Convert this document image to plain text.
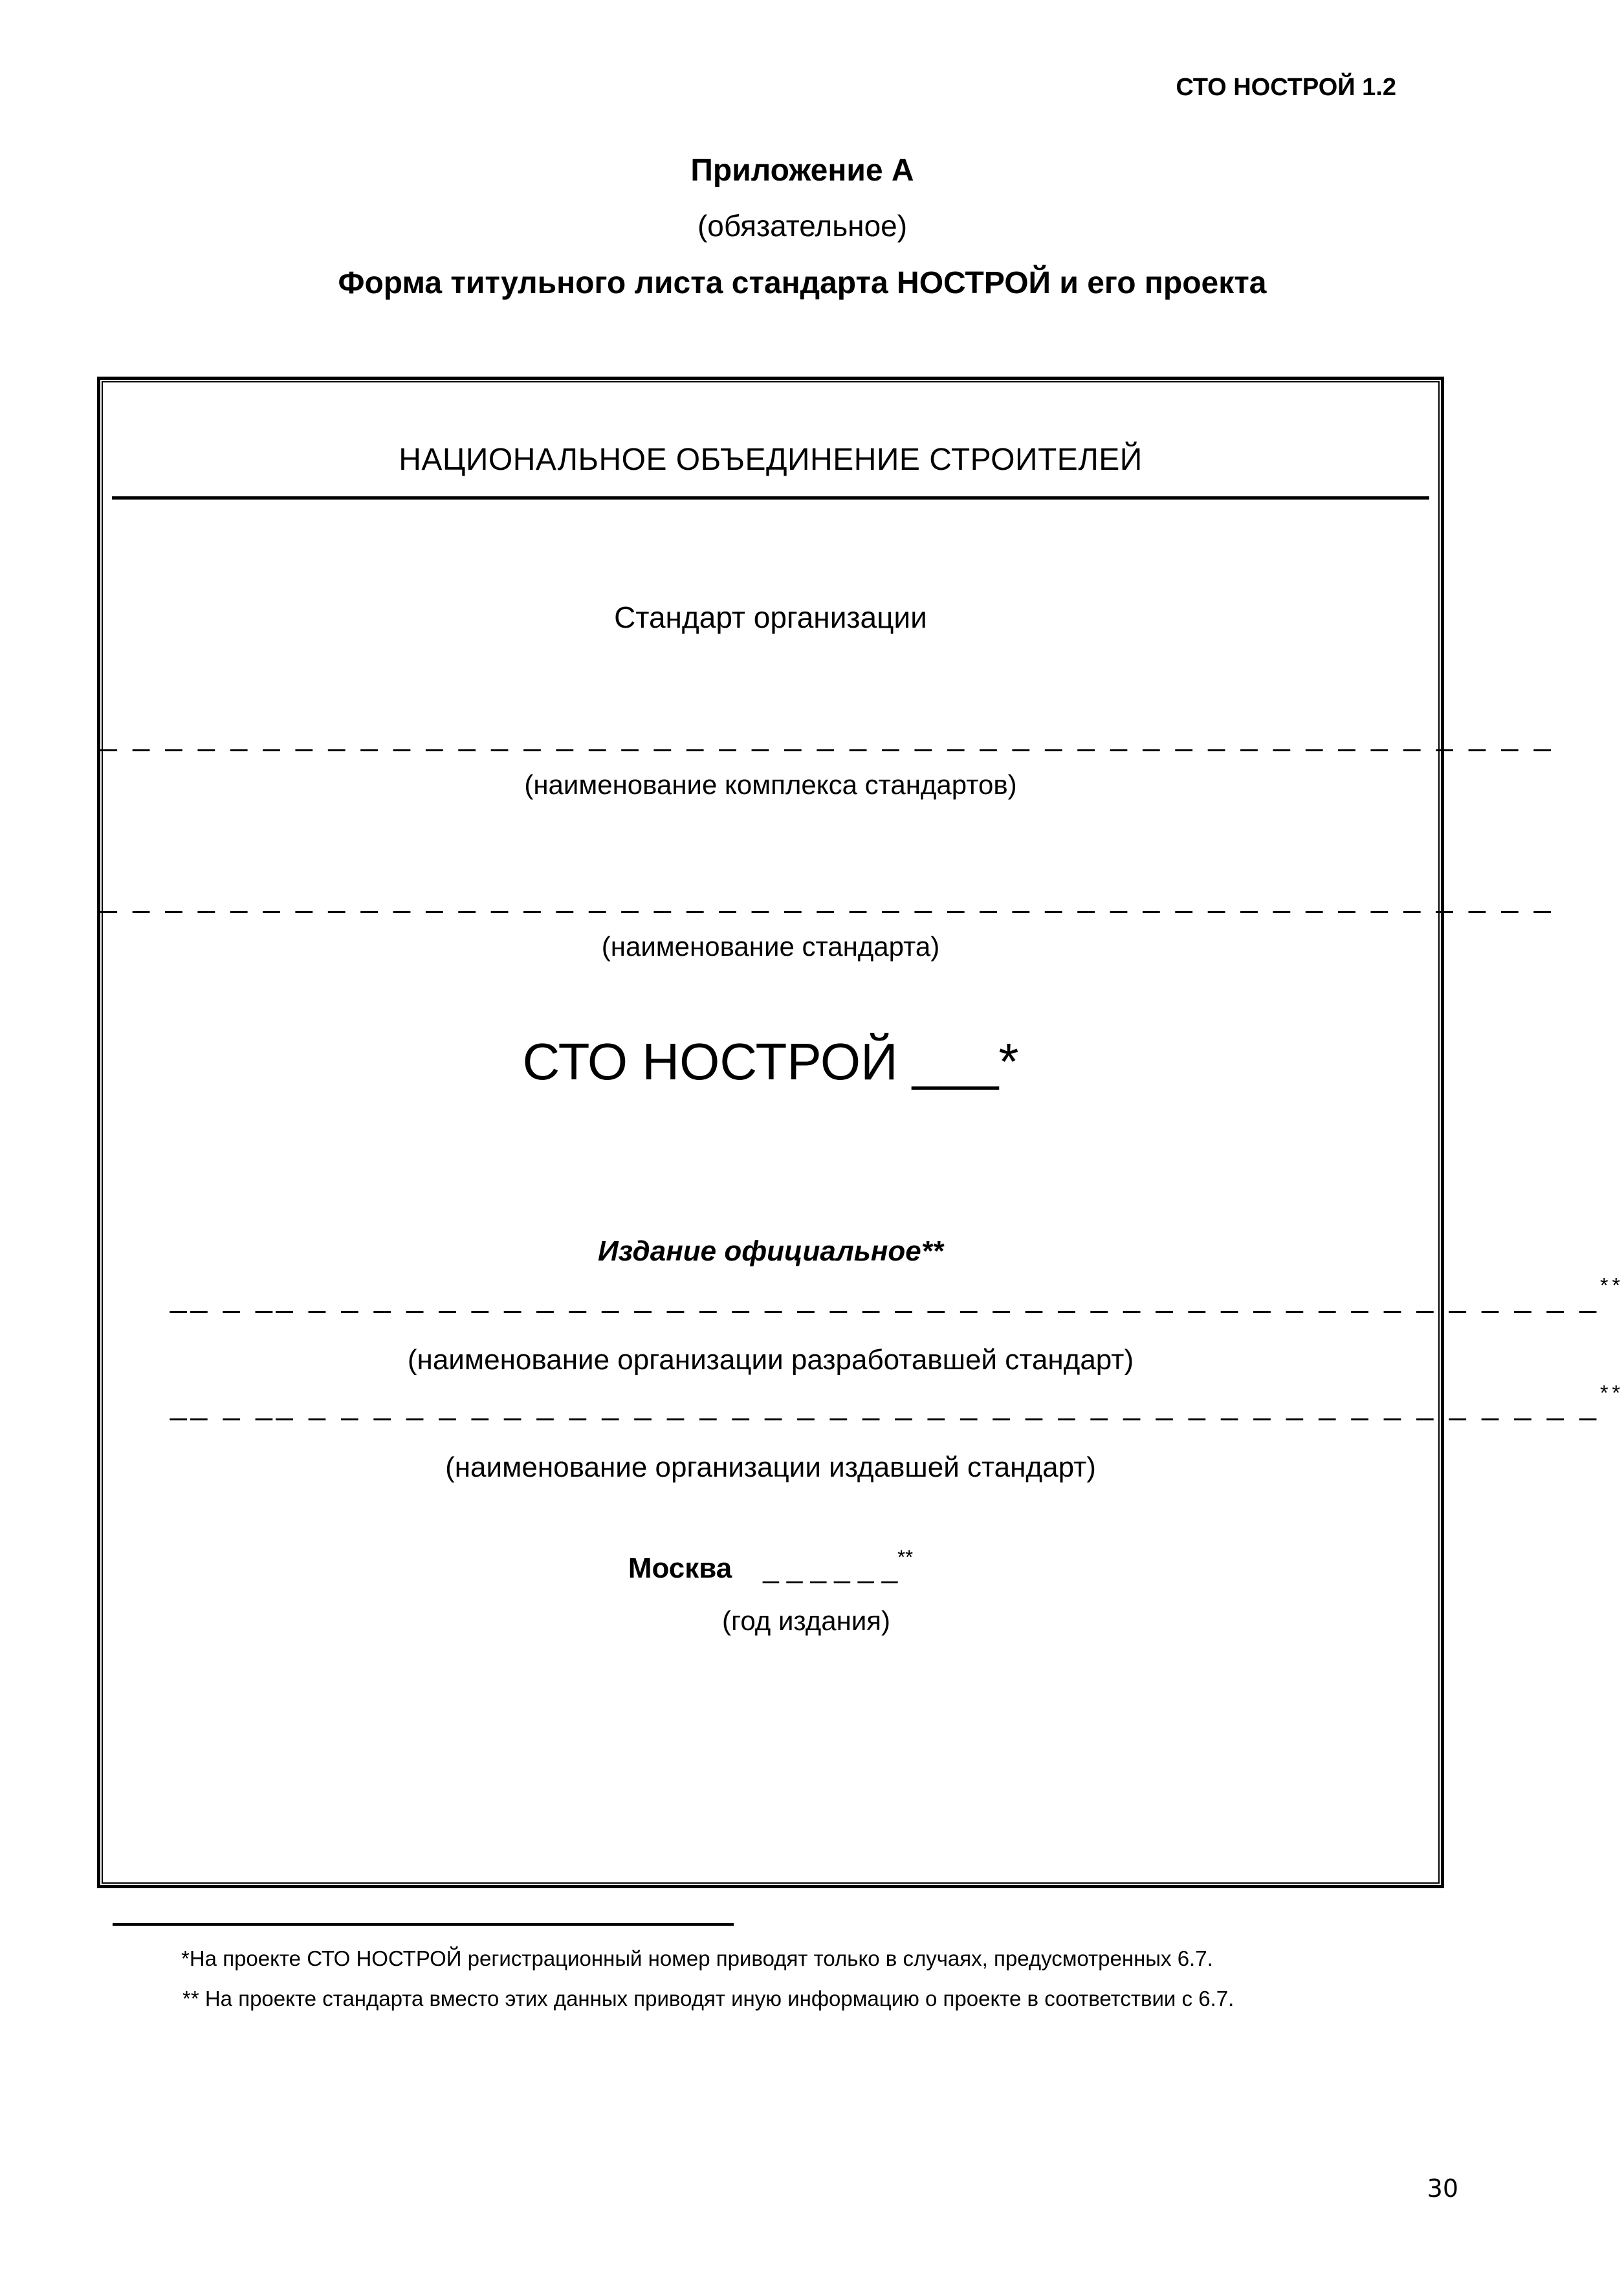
СТО НОСТРОЙ 1.2
Приложение А
(обязательное)
Форма титульного листа стандарта НОСТРОЙ и его проекта
НАЦИОНАЛЬНОЕ ОБЪЕДИНЕНИЕ СТРОИТЕЛЕЙ
Стандарт организации
_ _ _ _ _ _ _ _ _ _ _ _ _ _ _ _ _ _ _ _ _ _ _ _ _ _ _ _ _ _ _ _ _ _ _ _ _ _ _ _ _ _ _ _ _
(наименование комплекса стандартов)
_ _ _ _ _ _ _ _ _ _ _ _ _ _ _ _ _ _ _ _ _ _ _ _ _ _ _ _ _ _ _ _ _ _ _ _ _ _ _ _ _ _ _ _ _
(наименование стандарта)
СТО НОСТРОЙ ___*
Издание официальное**
__ _ __ _ _ _ _ _ _ _ _ _ _ _ _ _ _ _ _ _ _ _ _ _ _ _ _ _ _ _ _ _ _ _ _ _ _ _ _ _ _ _ _**
(наименование организации разработавшей стандарт)
__ _ __ _ _ _ _ _ _ _ _ _ _ _ _ _ _ _ _ _ _ _ _ _ _ _ _ _ _ _ _ _ _ _ _ _ _ _ _ _ _ _ _**
(наименование организации издавшей стандарт)
Москва _ _ _ _ _ _**
(год издания)
*На проекте СТО НОСТРОЙ регистрационный номер приводят только в случаях, предусмотренных 6.7.
** На проекте стандарта вместо этих данных приводят иную информацию о проекте в соответствии с 6.7.
30
